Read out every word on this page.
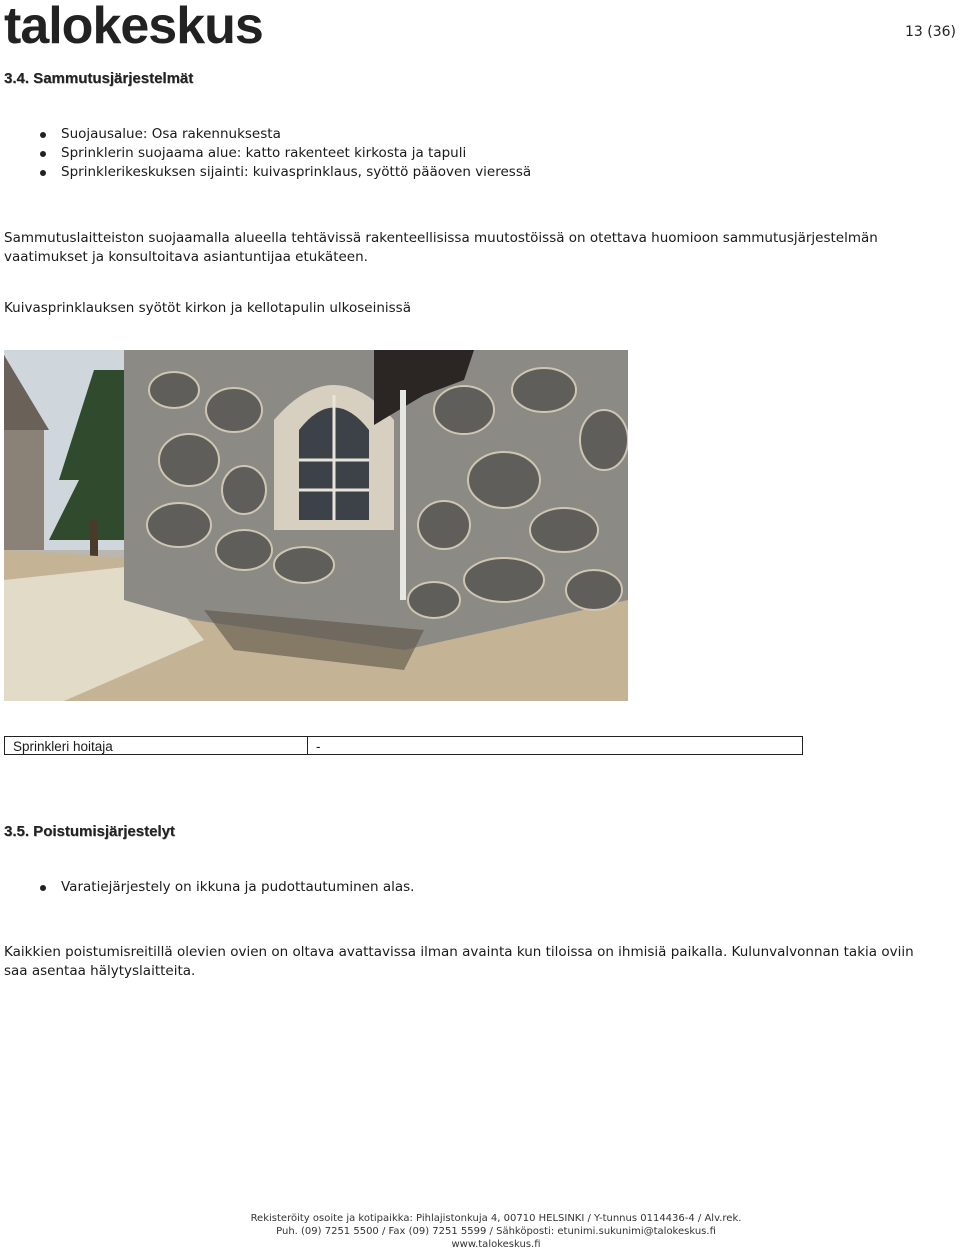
talokeskus	13 (36)
3.4. Sammutusjärjestelmät
Suojausalue: Osa rakennuksesta
Sprinklerin suojaama alue: katto rakenteet kirkosta ja tapuli
Sprinklerikeskuksen sijainti: kuivasprinklaus, syöttö pääoven vieressä
Sammutuslaitteiston suojaamalla alueella tehtävissä rakenteellisissa muutostöissä on otettava huomioon sammutusjärjestelmän vaatimukset ja konsultoitava asiantuntijaa etukäteen.
Kuivasprinklauksen syötöt kirkon ja kellotapulin ulkoseinissä
Sprinkleri hoitaja	-
3.5. Poistumisjärjestelyt
Varatiejärjestely on ikkuna ja pudottautuminen alas.
Kaikkien poistumisreitillä olevien ovien on oltava avattavissa ilman avainta kun tiloissa on ihmisiä paikalla. Kulunvalvonnan takia oviin saa asentaa hälytyslaitteita.
Rekisteröity osoite ja kotipaikka: Pihlajistonkuja 4, 00710 HELSINKI / Y-tunnus 0114436-4 / Alv.rek.
Puh. (09) 7251 5500 / Fax (09) 7251 5599 / Sähköposti: etunimi.sukunimi@talokeskus.fi
www.talokeskus.fi
